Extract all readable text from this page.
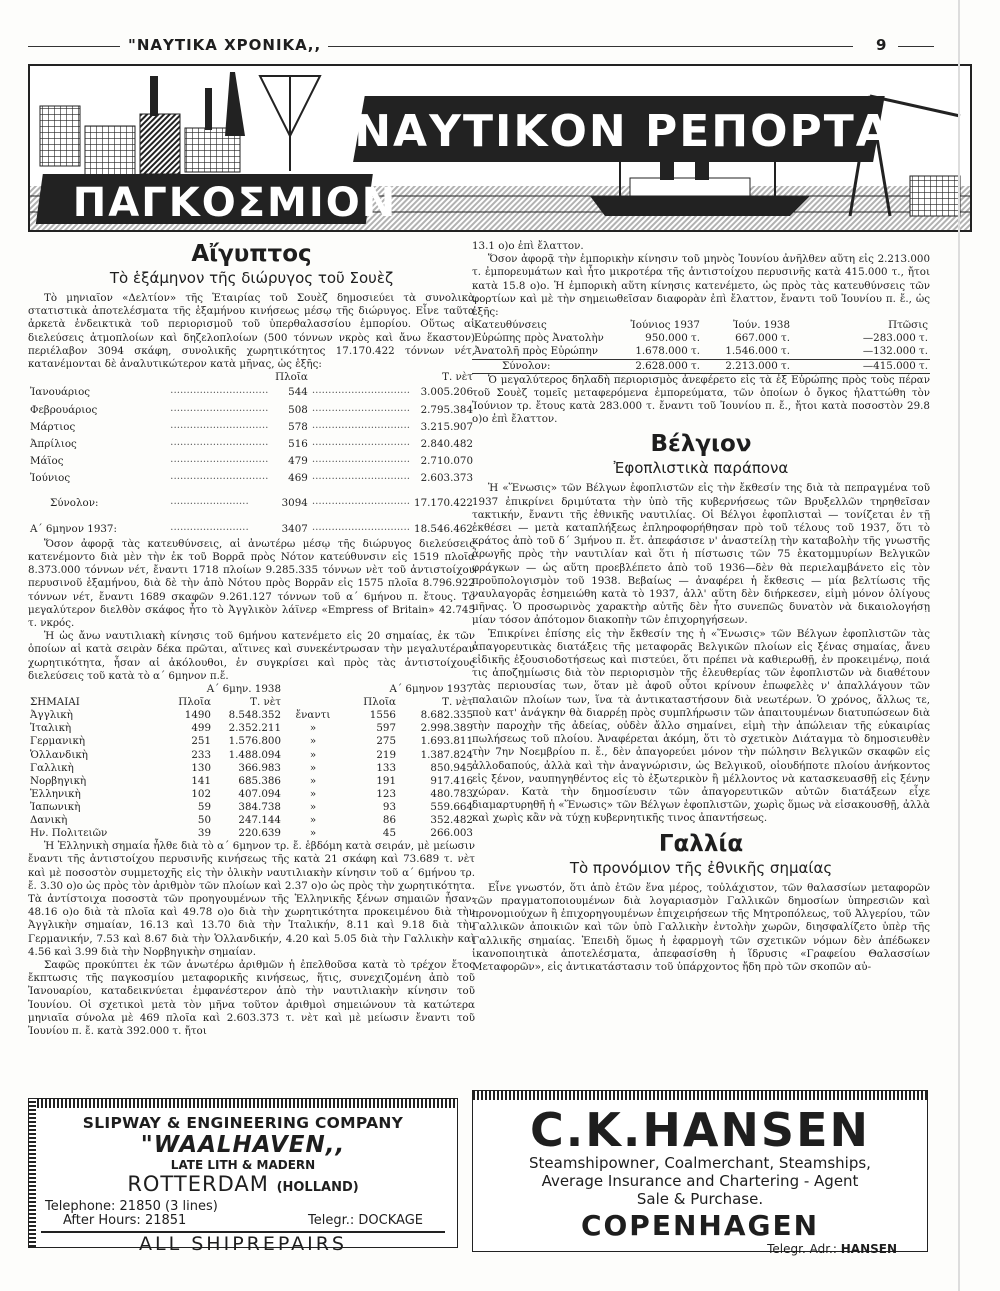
"ΝΑΥΤΙΚΑ ΧΡΟΝΙΚΑ,,	9
ΝΑΥΤΙΚΟΝ ΡΕΠΟΡΤΑΖ
ΠΑΓΚΟΣΜΙΟΝ
Αἴγυπτος
Τὸ ἑξάμηνον τῆς διώρυγος τοῦ Σουὲζ

Τὸ μηνιαῖον «Δελτίον» τῆς Ἑταιρίας τοῦ Σουὲζ δημοσιεύει τὰ συνολικὰ στατιστικὰ ἀποτελέσματα τῆς ἑξαμήνου κινήσεως μέσῳ τῆς διώρυγος. Εἶνε ταῦτα ἀρκετὰ ἐνδεικτικὰ τοῦ περιορισμοῦ τοῦ ὑπερθαλασσίου ἐμπορίου. Οὕτως αἱ διελεύσεις ἀτμοπλοίων καὶ δηζελοπλοίων (500 τόννων νκρὸς καὶ ἄνω ἕκαστον) περιέλαβον 3094 σκάφη, συνολικῆς χωρητικότητος 17.170.422 τόννων νέτ, κατανέμονται δὲ ἀναλυτικώτερον κατὰ μῆνας, ὡς ἑξῆς:

		Πλοῖα		Τ. νὲτ
Ἰανουάριος	..............................	544	..............................	3.005.206
Φεβρουάριος	..............................	508	..............................	2.795.384
Μάρτιος	..............................	578	..............................	3.215.907
Ἀπρίλιος	..............................	516	..............................	2.840.482
Μάϊος	..............................	479	..............................	2.710.070
Ἰούνιος	..............................	469	..............................	2.603.373

Σύνολον:	........................	3094	..............................	17.170.422

Α΄ 6μηνον 1937:	........................	3407	..............................	18.546.462

Ὅσον ἀφορᾷ τὰς κατευθύνσεις, αἱ ἀνωτέρω μέσῳ τῆς διώρυγος διελεύσεις κατενέμοντο διὰ μὲν τὴν ἐκ τοῦ Βορρᾶ πρὸς Νότον κατεύθυνσιν εἰς 1519 πλοῖα 8.373.000 τόννων νέτ, ἔναντι 1718 πλοίων 9.285.335 τόννων νὲτ τοῦ ἀντιστοίχου περυσινοῦ ἑξαμήνου, διὰ δὲ τὴν ἀπὸ Νότου πρὸς Βορρᾶν εἰς 1575 πλοῖα 8.796.922 τόννων νέτ, ἔναντι 1689 σκαφῶν 9.261.127 τόννων τοῦ α΄ 6μήνου π. ἔτους. Τὸ μεγαλύτερον διελθὸν σκάφος ἦτο τὸ Ἀγγλικὸν λάϊνερ «Empress of Britain» 42.745 τ. νκρός.

Ἡ ὡς ἄνω ναυτιλιακὴ κίνησις τοῦ 6μήνου κατενέμετο εἰς 20 σημαίας, ἐκ τῶν ὁποίων αἱ κατὰ σειρὰν δέκα πρῶται, αἵτινες καὶ συνεκέντρωσαν τὴν μεγαλυτέραν χωρητικότητα, ἦσαν αἱ ἀκόλουθοι, ἐν συγκρίσει καὶ πρὸς τὰς ἀντιστοίχους διελεύσεις τοῦ κατὰ τὸ α΄ 6μηνον π.ἔ.

	Α΄ 6μην. 1938			Α΄ 6μηνον 1937	
ΣΗΜΑΙΑΙ	Πλοῖα	Τ. νὲτ		Πλοῖα	Τ. νὲτ
Ἀγγλικὴ	1490	8.548.352	ἔναντι	1556	8.682.335
Ἰταλικὴ	499	2.352.211	»	597	2.998.389
Γερμανικὴ	251	1.576.800	»	275	1.693.811
Ὁλλανδικὴ	233	1.488.094	»	219	1.387.824
Γαλλικὴ	130	366.983	»	133	850.945
Νορβηγικὴ	141	685.386	»	191	917.416
Ἑλληνικὴ	102	407.094	»	123	480.783
Ἰαπωνικὴ	59	384.738	»	93	559.664
Δανικὴ	50	247.144	»	86	352.482
Ην. Πολιτειῶν	39	220.639	»	45	266.003

Ἡ Ἑλληνικὴ σημαία ἦλθε διὰ τὸ α΄ 6μηνον τρ. ἔ. ἑβδόμη κατὰ σειράν, μὲ μείωσιν ἔναντι τῆς ἀντιστοίχου περυσινῆς κινήσεως τῆς κατὰ 21 σκάφη καὶ 73.689 τ. νὲτ καὶ μὲ ποσοστὸν συμμετοχῆς εἰς τὴν ὁλικὴν ναυτιλιακὴν κίνησιν τοῦ α΄ 6μήνου τρ. ἔ. 3.30 ο)ο ὡς πρὸς τὸν ἀριθμὸν τῶν πλοίων καὶ 2.37 ο)ο ὡς πρὸς τὴν χωρητικότητα. Τὰ ἀντίστοιχα ποσοστὰ τῶν προηγουμένων τῆς Ἑλληνικῆς ξένων σημαιῶν ἦσαν: 48.16 ο)ο διὰ τὰ πλοῖα καὶ 49.78 ο)ο διὰ τὴν χωρητικότητα προκειμένου διὰ τὴν Ἀγγλικὴν σημαίαν, 16.13 καὶ 13.70 διὰ τὴν Ἰταλικήν, 8.11 καὶ 9.18 διὰ τὴν Γερμανικήν, 7.53 καὶ 8.67 διὰ τὴν Ὁλλανδικήν, 4.20 καὶ 5.05 διὰ τὴν Γαλλικὴν καὶ 4.56 καὶ 3.99 διὰ τὴν Νορβηγικὴν σημαίαν.

Σαφῶς προκύπτει ἐκ τῶν ἀνωτέρω ἀριθμῶν ἡ ἐπελθοῦσα κατὰ τὸ τρέχον ἔτος ἔκπτωσις τῆς παγκοσμίου μεταφορικῆς κινήσεως, ἥτις, συνεχιζομένη ἀπὸ τοῦ Ἰανουαρίου, καταδεικνύεται ἐμφανέστερον ἀπὸ τὴν ναυτιλιακὴν κίνησιν τοῦ Ἰουνίου. Οἱ σχετικοὶ μετὰ τὸν μῆνα τοῦτον ἀριθμοὶ σημειώνουν τὰ κατώτερα μηνιαῖα σύνολα μὲ 469 πλοῖα καὶ 2.603.373 τ. νὲτ καὶ μὲ μείωσιν ἔναντι τοῦ Ἰουνίου π. ἔ. κατὰ 392.000 τ. ἤτοι

13.1 ο)ο ἐπὶ ἔλαττον.

Ὅσον ἀφορᾷ τὴν ἐμπορικὴν κίνησιν τοῦ μηνὸς Ἰουνίου ἀνῆλθεν αὕτη εἰς 2.213.000 τ. ἐμπορευμάτων καὶ ἦτο μικροτέρα τῆς ἀντιστοίχου περυσινῆς κατὰ 415.000 τ., ἤτοι κατὰ 15.8 ο)ο. Ἡ ἐμπορικὴ αὕτη κίνησις κατενέμετο, ὡς πρὸς τὰς κατευθύνσεις τῶν φορτίων καὶ μὲ τὴν σημειωθεῖσαν διαφορὰν ἐπὶ ἔλαττον, ἔναντι τοῦ Ἰουνίου π. ἔ., ὡς ἑξῆς:

Κατευθύνσεις	Ἰούνιος 1937	Ἰούν. 1938	Πτῶσις
Εὐρώπης πρὸς Ἀνατολὴν	950.000 τ.	667.000 τ.	—283.000 τ.
Ἀνατολῆ πρὸς Εὐρώπην	1.678.000 τ.	1.546.000 τ.	—132.000 τ.

Σύνολον:	2.628.000 τ.	2.213.000 τ.	—415.000 τ.

Ὁ μεγαλύτερος δηλαδὴ περιορισμὸς ἀνεφέρετο εἰς τὰ ἐξ Εὐρώπης πρὸς τοὺς πέραν τοῦ Σουὲζ τομεῖς μεταφερόμενα ἐμπορεύματα, τῶν ὁποίων ὁ ὄγκος ἠλαττώθη τὸν Ἰούνιον τρ. ἔτους κατὰ 283.000 τ. ἔναντι τοῦ Ἰουνίου π. ἔ., ἤτοι κατὰ ποσοστὸν 29.8 ο)ο ἐπὶ ἔλαττον.

Βέλγιον
Ἐφοπλιστικὰ παράπονα

Ἡ «Ἕνωσις» τῶν Βέλγων ἐφοπλιστῶν εἰς τὴν ἔκθεσίν της διὰ τὰ πεπραγμένα τοῦ 1937 ἐπικρίνει δριμύτατα τὴν ὑπὸ τῆς κυβερνήσεως τῶν Βρυξελλῶν τηρηθεῖσαν τακτικήν, ἔναντι τῆς ἐθνικῆς ναυτιλίας. Οἱ Βέλγοι ἐφοπλισταὶ — τονίζεται ἐν τῇ ἐκθέσει — μετὰ καταπλήξεως ἐπληροφορήθησαν πρὸ τοῦ τέλους τοῦ 1937, ὅτι τὸ κράτος ἀπὸ τοῦ δ΄ 3μήνου π. ἔτ. ἀπεφάσισε ν' ἀναστείλῃ τὴν καταβολὴν τῆς γνωστῆς ἀρωγῆς πρὸς τὴν ναυτιλίαν καὶ ὅτι ἡ πίστωσις τῶν 75 ἑκατομμυρίων Βελγικῶν φράγκων — ὡς αὕτη προεβλέπετο ἀπὸ τοῦ 1936—δὲν θὰ περιελαμβάνετο εἰς τὸν προϋπολογισμὸν τοῦ 1938. Βεβαίως — ἀναφέρει ἡ ἔκθεσις — μία βελτίωσις τῆς ναυλαγορᾶς ἐσημειώθη κατὰ τὸ 1937, ἀλλ' αὕτη δὲν διήρκεσεν, εἰμὴ μόνον ὀλίγους μῆνας. Ὁ προσωρινὸς χαρακτὴρ αὐτῆς δὲν ἦτο συνεπῶς δυνατὸν νὰ δικαιολογήσῃ μίαν τόσον ἀπότομον διακοπὴν τῶν ἐπιχορηγήσεων.

Ἐπικρίνει ἐπίσης εἰς τὴν ἔκθεσίν της ἡ «Ἕνωσις» τῶν Βέλγων ἐφοπλιστῶν τὰς ἀπαγορευτικὰς διατάξεις τῆς μεταφορᾶς Βελγικῶν πλοίων εἰς ξένας σημαίας, ἄνευ εἰδικῆς ἐξουσιοδοτήσεως καὶ πιστεύει, ὅτι πρέπει νὰ καθιερωθῇ, ἐν προκειμένῳ, ποιά τις ἀποζημίωσις διὰ τὸν περιορισμὸν τῆς ἐλευθερίας τῶν ἐφοπλιστῶν νὰ διαθέτουν τὰς περιουσίας των, ὅταν μὲ ἀφοῦ οὗτοι κρίνουν ἐπωφελὲς ν' ἀπαλλάγουν τῶν παλαιῶν πλοίων των, ἵνα τὰ ἀντικαταστήσουν διὰ νεωτέρων. Ὁ χρόνος, ἄλλως τε, ποὺ κατ' ἀνάγκην θὰ διαρρέῃ πρὸς συμπλήρωσιν τῶν ἀπαιτουμένων διατυπώσεων διὰ τὴν παροχὴν τῆς ἀδείας, οὐδὲν ἄλλο σημαίνει, εἰμὴ τὴν ἀπώλειαν τῆς εὐκαιρίας πωλήσεως τοῦ πλοίου. Ἀναφέρεται ἀκόμη, ὅτι τὸ σχετικὸν Διάταγμα τὸ δημοσιευθὲν τὴν 7ην Νοεμβρίου π. ἔ., δὲν ἀπαγορεύει μόνον τὴν πώλησιν Βελγικῶν σκαφῶν εἰς ἀλλοδαπούς, ἀλλὰ καὶ τὴν ἀναγνώρισιν, ὡς Βελγικοῦ, οἱουδήποτε πλοίου ἀνήκοντος εἰς ξένον, ναυπηγηθέντος εἰς τὸ ἐξωτερικὸν ἢ μέλλοντος νὰ κατασκευασθῇ εἰς ξένην χώραν. Κατὰ τὴν δημοσίευσιν τῶν ἀπαγορευτικῶν αὐτῶν διατάξεων εἶχε διαμαρτυρηθῆ ἡ «Ἕνωσις» τῶν Βέλγων ἐφοπλιστῶν, χωρὶς ὅμως νὰ εἰσακουσθῇ, ἀλλὰ καὶ χωρὶς κἂν νὰ τύχῃ κυβερνητικῆς τινος ἀπαντήσεως.

Γαλλία
Τὸ προνόμιον τῆς ἐθνικῆς σημαίας

Εἶνε γνωστόν, ὅτι ἀπὸ ἐτῶν ἕνα μέρος, τοὐλάχιστον, τῶν θαλασσίων μεταφορῶν τῶν πραγματοποιουμένων διὰ λογαριασμὸν Γαλλικῶν δημοσίων ὑπηρεσιῶν καὶ προνομιούχων ἢ ἐπιχορηγουμένων ἐπιχειρήσεων τῆς Μητροπόλεως, τοῦ Ἀλγερίου, τῶν Γαλλικῶν ἀποικιῶν καὶ τῶν ὑπὸ Γαλλικὴν ἐντολὴν χωρῶν, διησφαλίζετο ὑπὲρ τῆς Γαλλικῆς σημαίας. Ἐπειδὴ ὅμως ἡ ἐφαρμογὴ τῶν σχετικῶν νόμων δὲν ἀπέδωκεν ἱκανοποιητικὰ ἀποτελέσματα, ἀπεφασίσθη ἡ ἵδρυσις «Γραφείου Θαλασσίων Μεταφορῶν», εἰς ἀντικατάστασιν τοῦ ὑπάρχοντος ἤδη πρὸ τῶν σκοπῶν αὐ-

SLIPWAY & ENGINEERING COMPANY
"WAALHAVEN,,
LATE LITH & MADERN
ROTTERDAM (HOLLAND)
Telephone: 21850 (3 lines)
After Hours: 21851	Telegr.: DOCKAGE
ALL SHIPREPAIRS
C.K.HANSEN
Steamshipowner, Coalmerchant, Steamships,
Average Insurance and Chartering - Agent
Sale & Purchase.
COPENHAGEN
Telegr. Adr.: HANSEN
